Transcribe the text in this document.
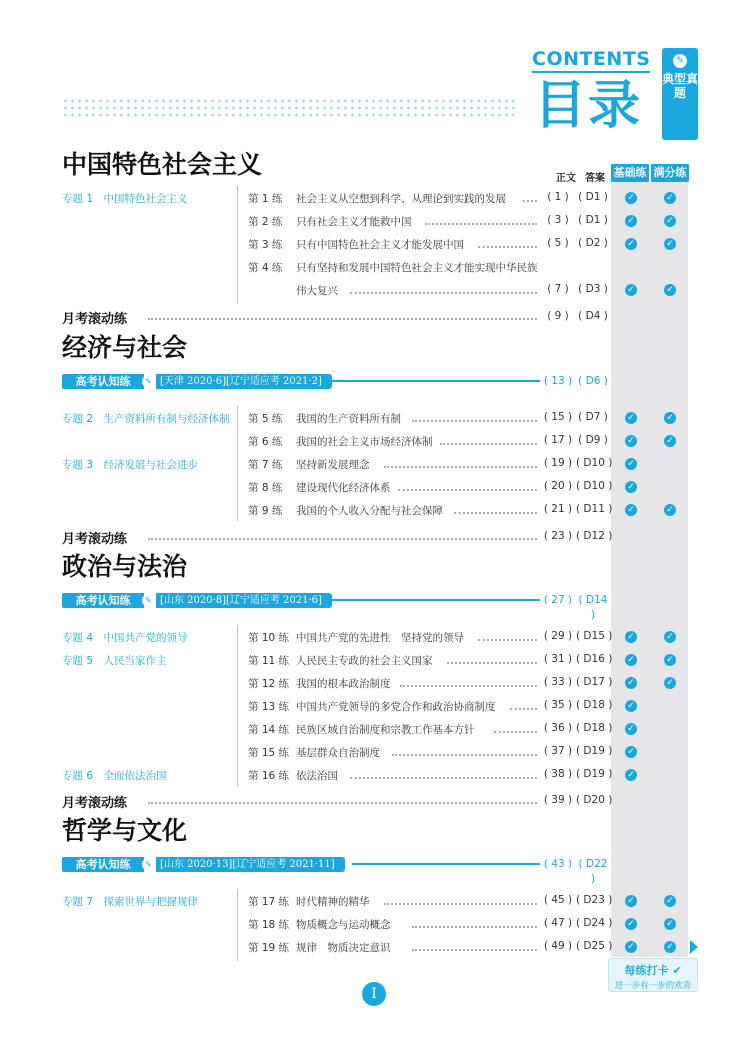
CONTENTS
目录
✎
典型真题
中国特色社会主义	正文 答案 基础练 满分练
专题 1　中国特色社会主义	第 1 练 社会主义从空想到科学、从理论到实践的发展	( 1 ) ( D1 ) ✓	✓
第 2 练 只有社会主义才能救中国	( 3 ) ( D1 ) ✓	✓
第 3 练 只有中国特色社会主义才能发展中国	( 5 ) ( D2 ) ✓	✓
第 4 练 只有坚持和发展中国特色社会主义才能实现中华民族
伟大复兴	( 7 ) ( D3 ) ✓	✓
月考滚动练	( 9 ) ( D4 )
经济与社会
高考认知练	✎ [天津 2020·6][辽宁适应考 2021·2]	( 13 ) ( D6 )
专题 2　生产资料所有制与经济体制 第 5 练 我国的生产资料所有制	( 15 ) ( D7 ) ✓	✓
第 6 练 我国的社会主义市场经济体制	( 17 ) ( D9 ) ✓	✓
专题 3　经济发展与社会进步	第 7 练 坚持新发展理念	( 19 ) ( D10 ) ✓
第 8 练 建设现代化经济体系	( 20 ) ( D10 ) ✓
第 9 练 我国的个人收入分配与社会保障	( 21 ) ( D11 ) ✓	✓
月考滚动练	( 23 ) ( D12 )
政治与法治
高考认知练	✎ [山东 2020·8][辽宁适应考 2021·6]	( 27 ) ( D14 )
专题 4　中国共产党的领导	第 10 练 中国共产党的先进性　坚持党的领导	( 29 ) ( D15 ) ✓	✓
专题 5　人民当家作主	第 11 练 人民民主专政的社会主义国家	( 31 ) ( D16 ) ✓	✓
第 12 练 我国的根本政治制度	( 33 ) ( D17 ) ✓	✓
第 13 练 中国共产党领导的多党合作和政治协商制度	( 35 ) ( D18 ) ✓
第 14 练 民族区域自治制度和宗教工作基本方针	( 36 ) ( D18 ) ✓
第 15 练 基层群众自治制度	( 37 ) ( D19 ) ✓
专题 6　全面依法治国	第 16 练 依法治国	( 38 ) ( D19 ) ✓
月考滚动练	( 39 ) ( D20 )
哲学与文化
高考认知练	✎ [山东 2020·13][辽宁适应考 2021·11]	( 43 ) ( D22 )
专题 7　探索世界与把握规律	第 17 练 时代精神的精华	( 45 ) ( D23 ) ✓	✓
第 18 练 物质概念与运动概念	( 47 ) ( D24 ) ✓	✓
第 19 练 规律　物质决定意识	( 49 ) ( D25 ) ✓	✓
每练打卡 ✔
进一步有一步的欢喜
I
